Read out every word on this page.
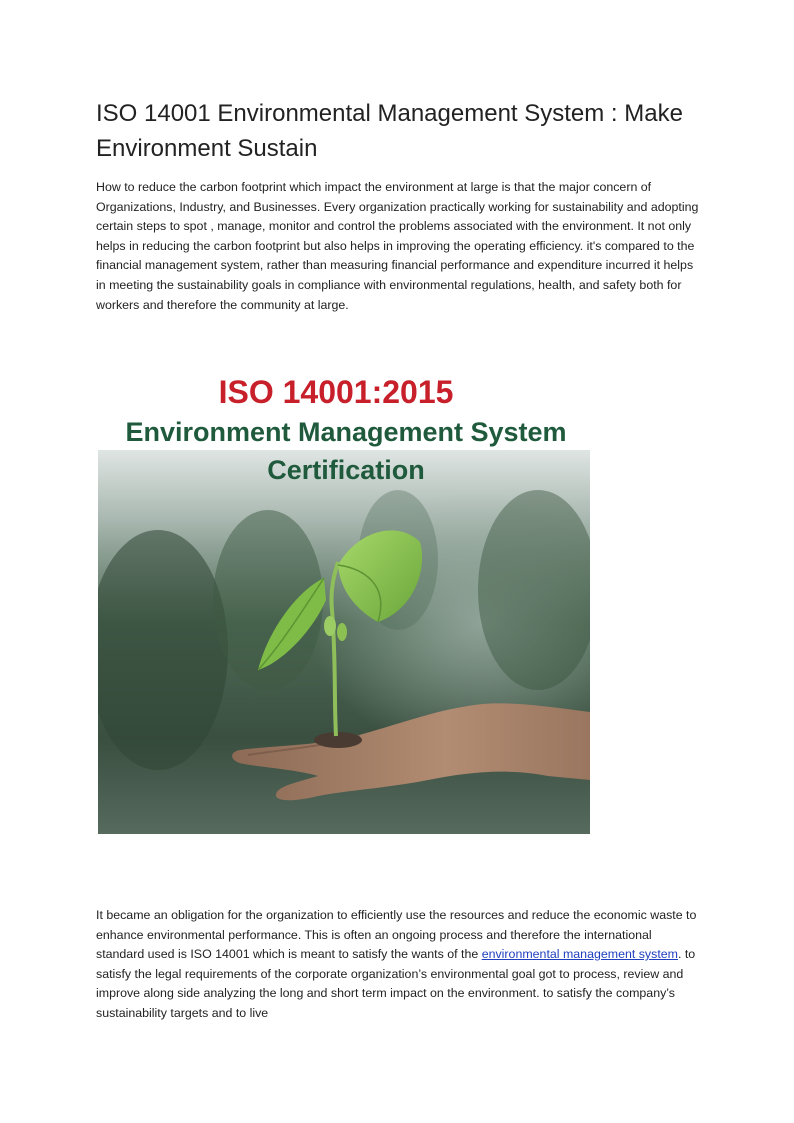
ISO 14001 Environmental Management System : Make Environment Sustain

How to reduce the carbon footprint which impact the environment at large is that the major concern of Organizations, Industry, and Businesses. Every organization practically working for sustainability and adopting certain steps to spot , manage, monitor and control the problems associated with the environment. It not only helps in reducing the carbon footprint but also helps in improving the operating efficiency. it's compared to the financial management system, rather than measuring financial performance and expenditure incurred it helps in meeting the sustainability goals in compliance with environmental regulations, health, and safety both for workers and therefore the community at large.

It became an obligation for the organization to efficiently use the resources and reduce the economic waste to enhance environmental performance. This is often an ongoing process and therefore the international standard used is ISO 14001 which is meant to satisfy the wants of the environmental management system. to satisfy the legal requirements of the corporate organization’s environmental goal got to process, review and improve along side analyzing the long and short term impact on the environment. to satisfy the company’s sustainability targets and to live

ISO 14001:2015

Environment Management System

Certification
